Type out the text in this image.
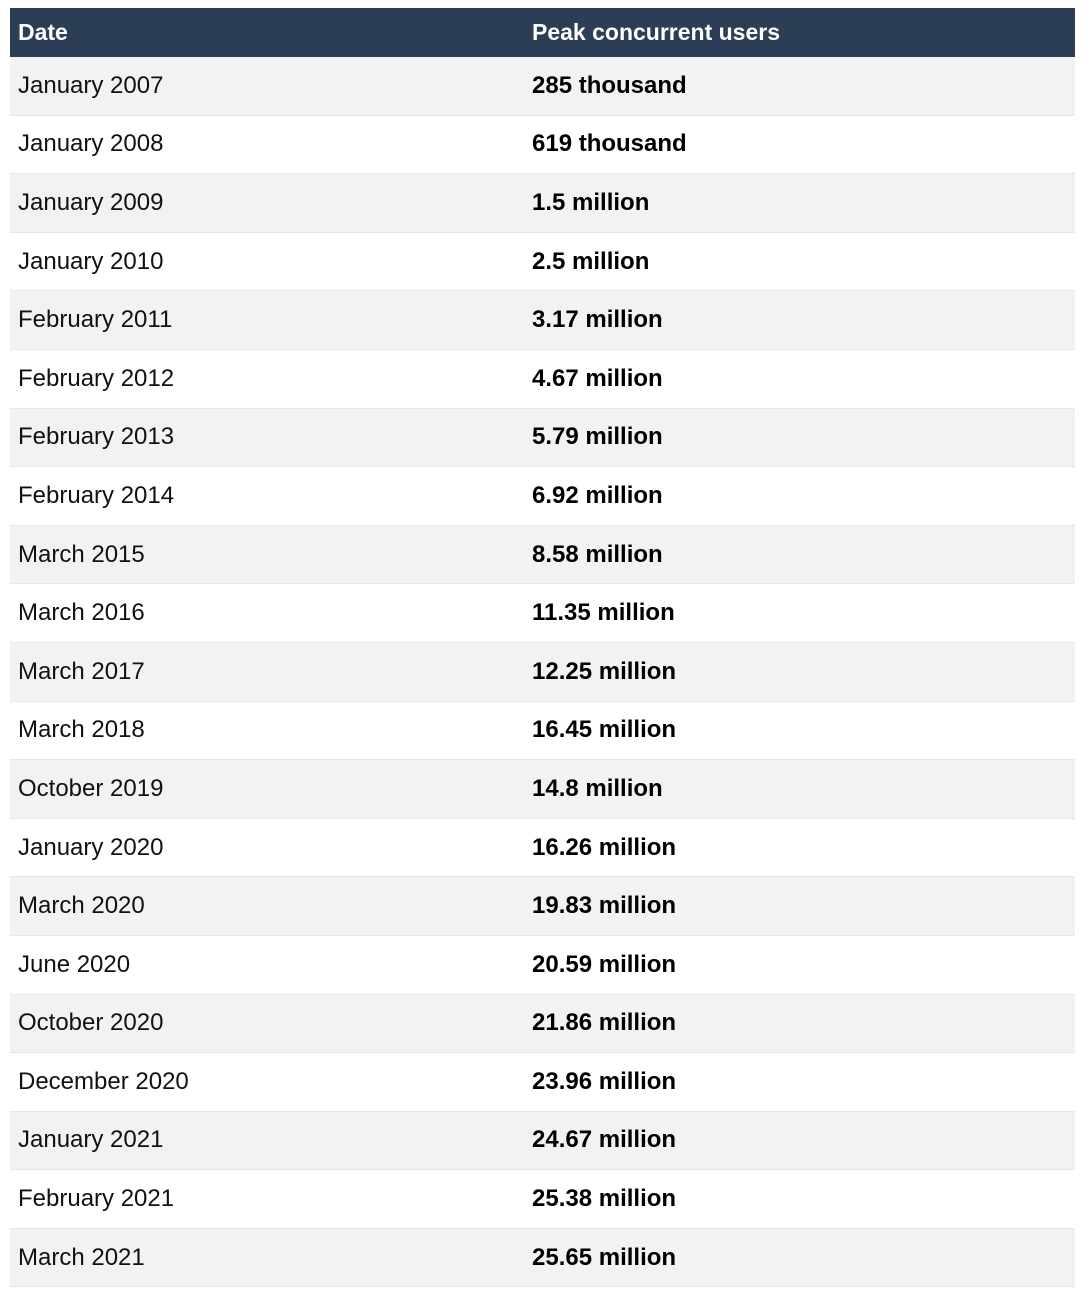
Date	Peak concurrent users
January 2007	285 thousand
January 2008	619 thousand
January 2009	1.5 million
January 2010	2.5 million
February 2011	3.17 million
February 2012	4.67 million
February 2013	5.79 million
February 2014	6.92 million
March 2015	8.58 million
March 2016	11.35 million
March 2017	12.25 million
March 2018	16.45 million
October 2019	14.8 million
January 2020	16.26 million
March 2020	19.83 million
June 2020	20.59 million
October 2020	21.86 million
December 2020	23.96 million
January 2021	24.67 million
February 2021	25.38 million
March 2021	25.65 million
